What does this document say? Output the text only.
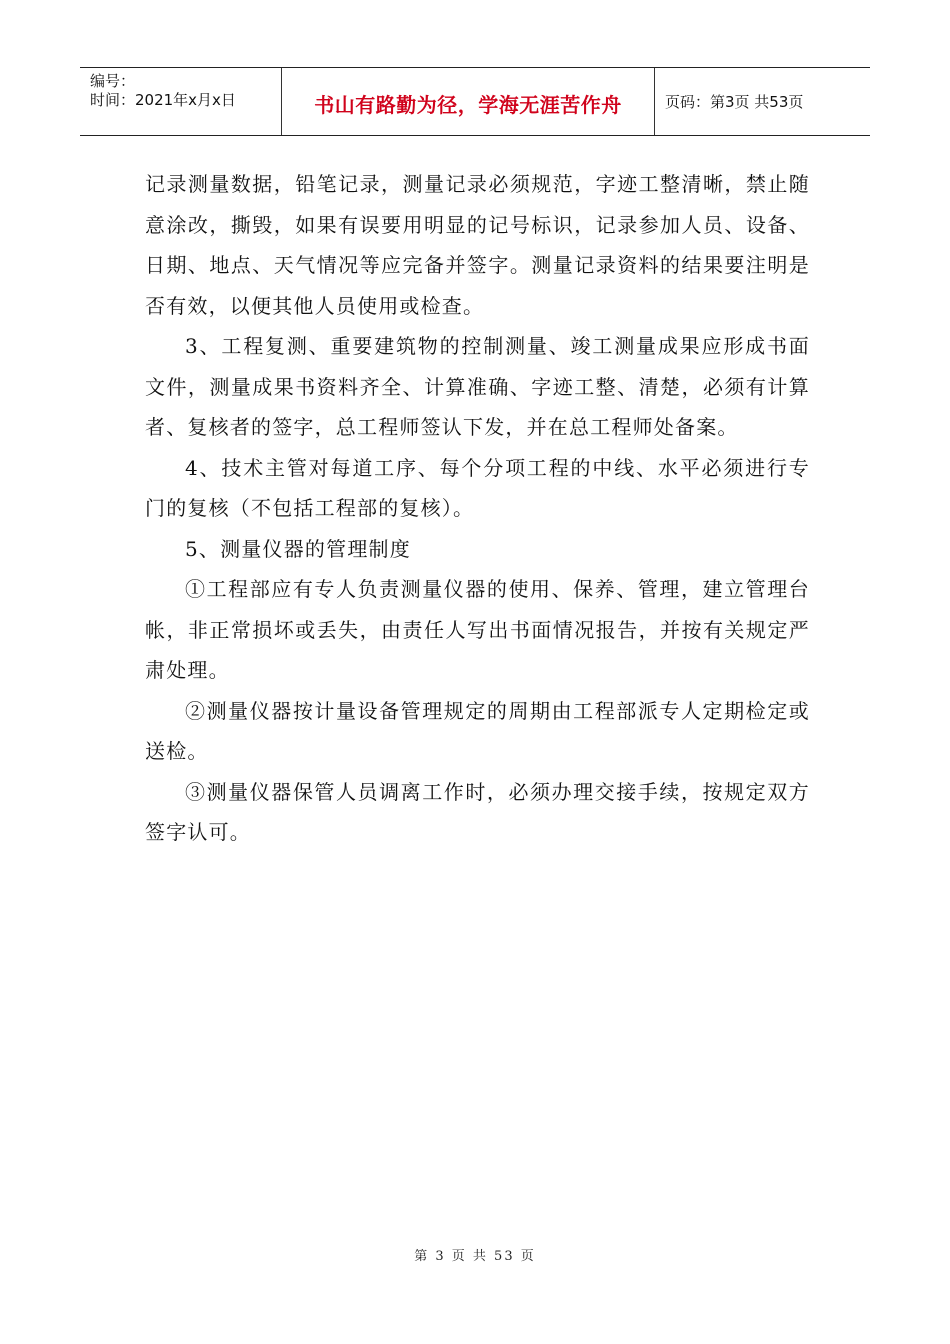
编号：
时间：2021年x月x日	书山有路勤为径，学海无涯苦作舟	页码：第3页 共53页

记录测量数据，铅笔记录，测量记录必须规范，字迹工整清晰，禁止随意涂改，撕毁，如果有误要用明显的记号标识，记录参加人员、设备、日期、地点、天气情况等应完备并签字。测量记录资料的结果要注明是否有效，以便其他人员使用或检查。

3、工程复测、重要建筑物的控制测量、竣工测量成果应形成书面文件，测量成果书资料齐全、计算准确、字迹工整、清楚，必须有计算者、复核者的签字，总工程师签认下发，并在总工程师处备案。

4、技术主管对每道工序、每个分项工程的中线、水平必须进行专门的复核（不包括工程部的复核）。

5、测量仪器的管理制度

①工程部应有专人负责测量仪器的使用、保养、管理，建立管理台帐，非正常损坏或丢失，由责任人写出书面情况报告，并按有关规定严肃处理。

②测量仪器按计量设备管理规定的周期由工程部派专人定期检定或送检。

③测量仪器保管人员调离工作时，必须办理交接手续，按规定双方签字认可。

第 3 页 共 53 页
